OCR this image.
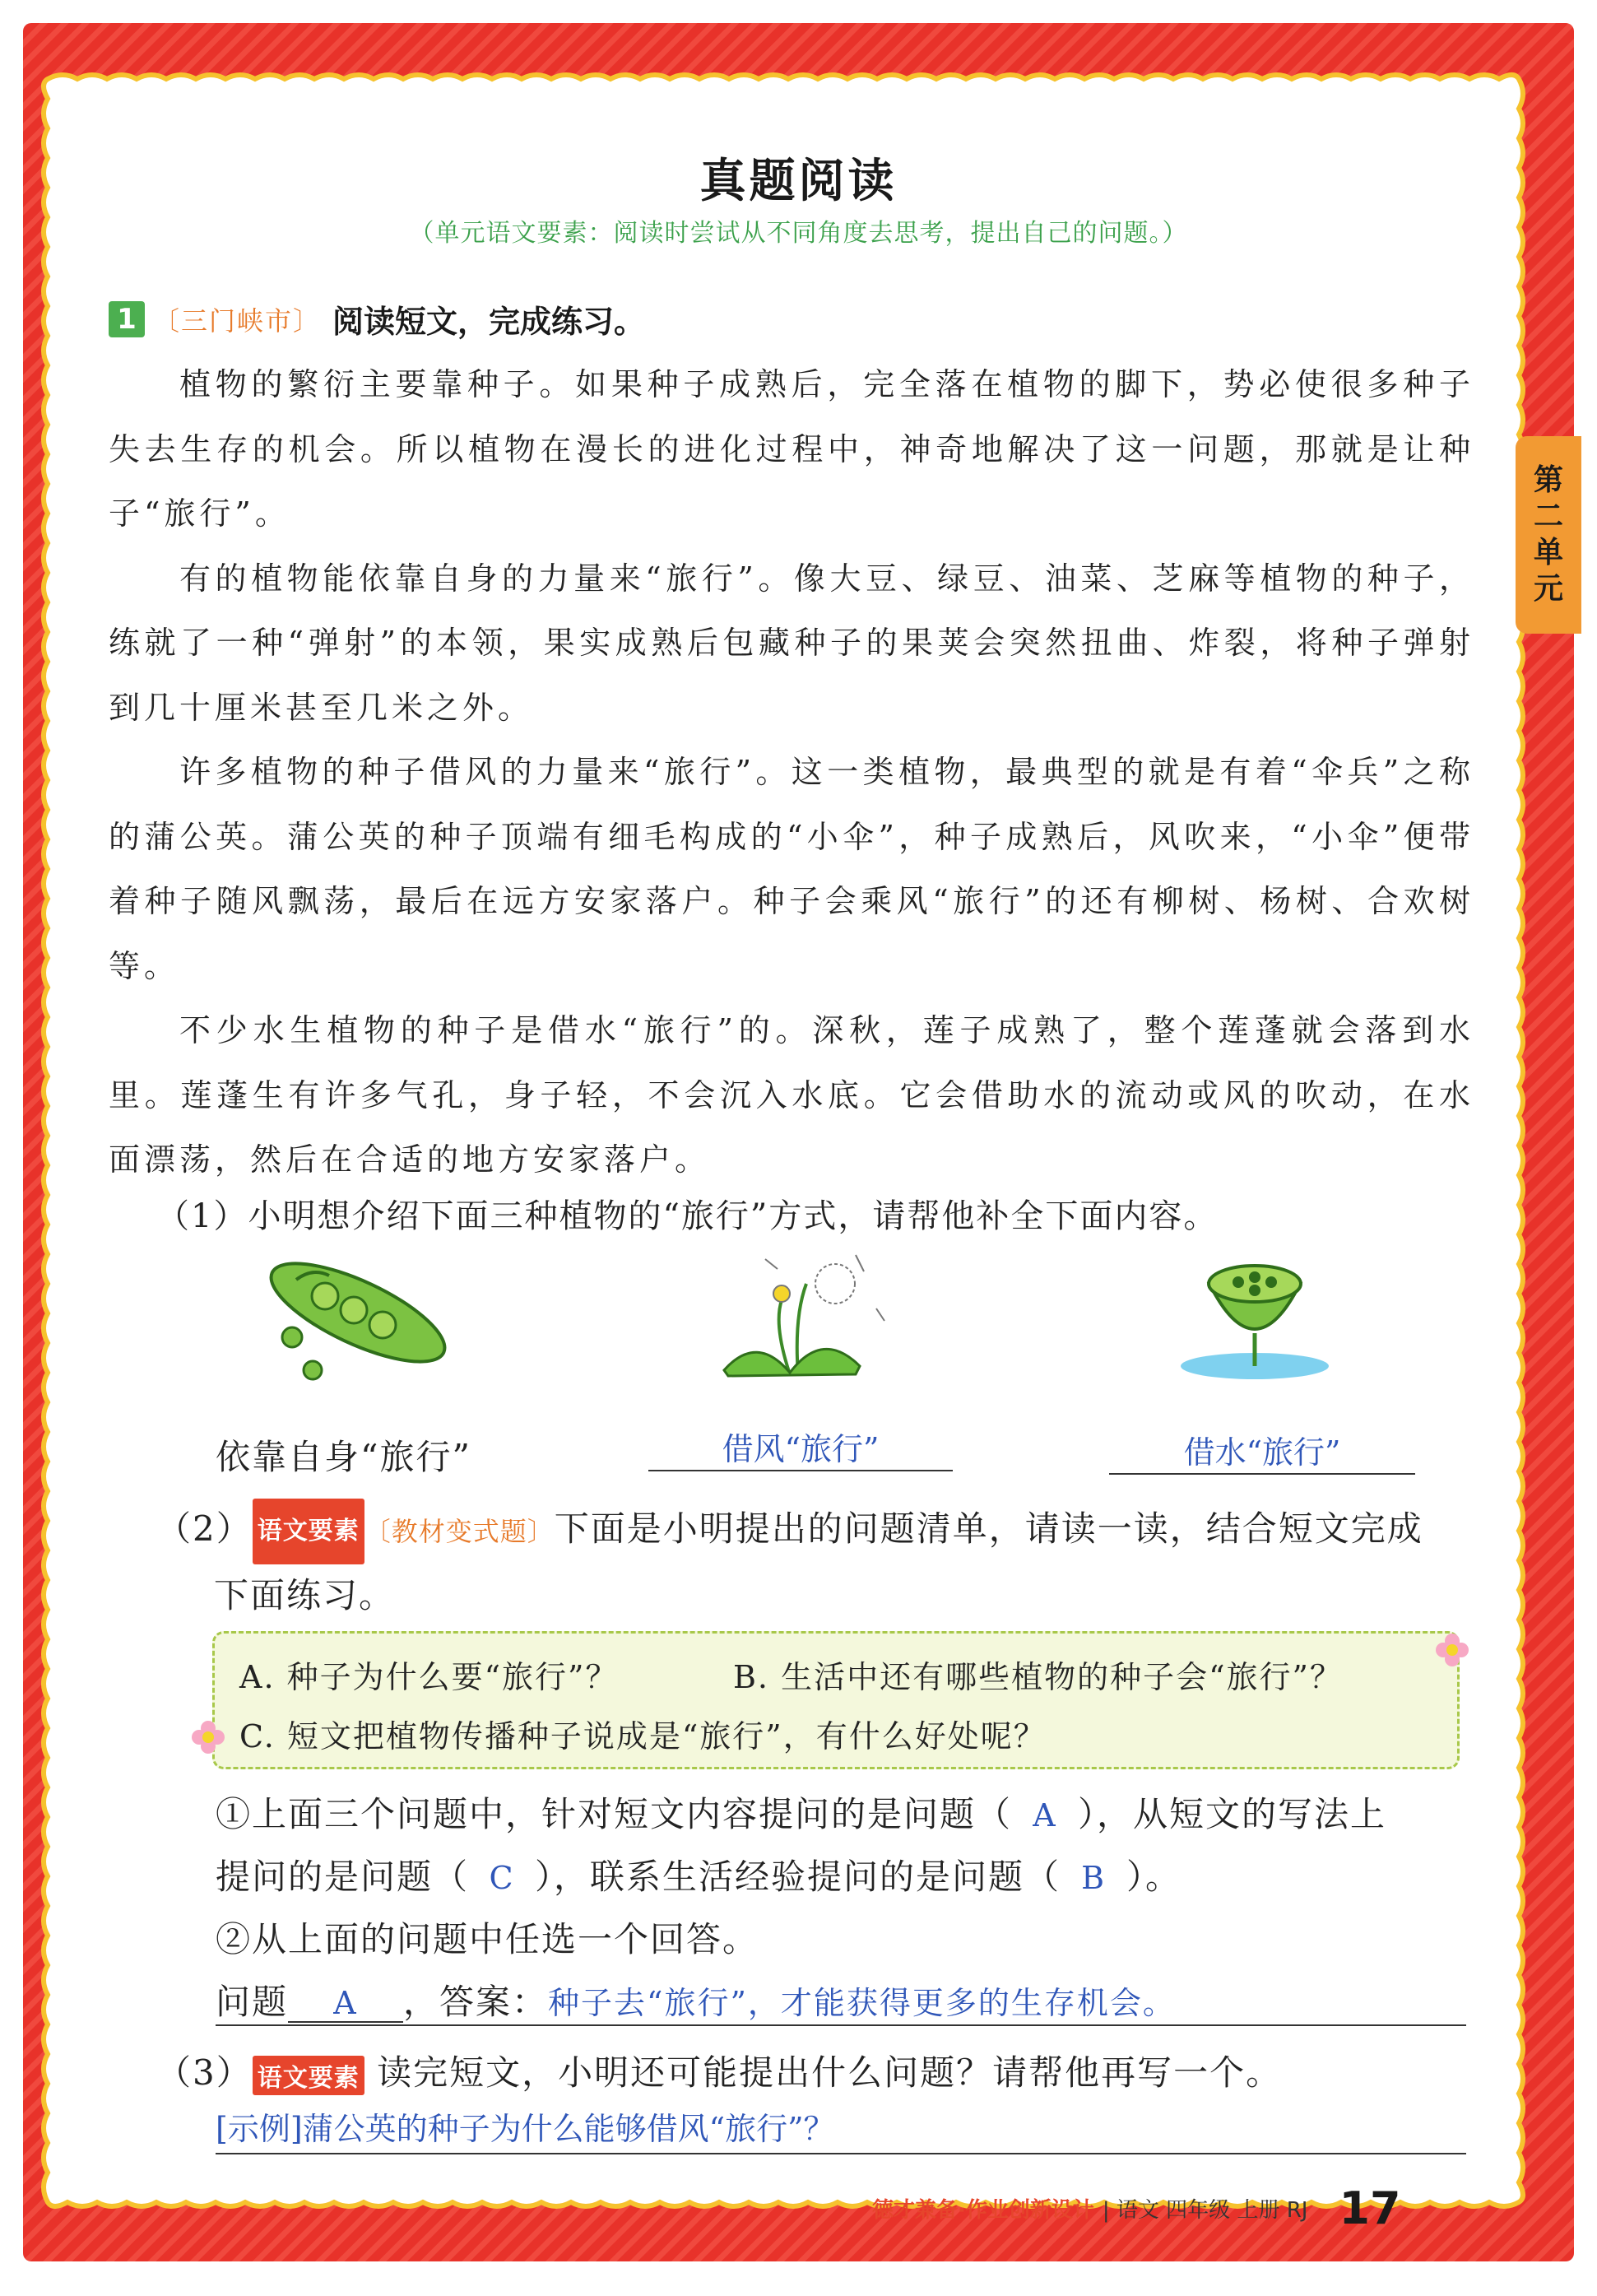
真题阅读
（单元语文要素：阅读时尝试从不同角度去思考，提出自己的问题。）
第
二
单
元
1 〔三门峡市〕 阅读短文，完成练习。

植物的繁衍主要靠种子。如果种子成熟后，完全落在植物的脚下，势必使很多种子失去生存的机会。所以植物在漫长的进化过程中，神奇地解决了这一问题，那就是让种子“旅行”。

有的植物能依靠自身的力量来“旅行”。像大豆、绿豆、油菜、芝麻等植物的种子，练就了一种“弹射”的本领，果实成熟后包藏种子的果荚会突然扭曲、炸裂，将种子弹射到几十厘米甚至几米之外。

许多植物的种子借风的力量来“旅行”。这一类植物，最典型的就是有着“伞兵”之称的蒲公英。蒲公英的种子顶端有细毛构成的“小伞”，种子成熟后，风吹来，“小伞”便带着种子随风飘荡，最后在远方安家落户。种子会乘风“旅行”的还有柳树、杨树、合欢树等。

不少水生植物的种子是借水“旅行”的。深秋，莲子成熟了，整个莲蓬就会落到水里。莲蓬生有许多气孔，身子轻，不会沉入水底。它会借助水的流动或风的吹动，在水面漂荡，然后在合适的地方安家落户。

（1）小明想介绍下面三种植物的“旅行”方式，请帮他补全下面内容。
依靠自身“旅行”	借风“旅行”	借水“旅行”
（2） 语文要素 〔教材变式题〕下面是小明提出的问题清单，请读一读，结合短文完成
下面练习。
A. 种子为什么要“旅行”？	B. 生活中还有哪些植物的种子会“旅行”？
C. 短文把植物传播种子说成是“旅行”，有什么好处呢？
①上面三个问题中，针对短文内容提问的是问题（ A ），从短文的写法上
提问的是问题（ C ），联系生活经验提问的是问题（ B ）。
②从上面的问题中任选一个回答。
问题 A ，答案：种子去“旅行”，才能获得更多的生存机会。
（3） 语文要素 读完短文，小明还可能提出什么问题？请帮他再写一个。
[示例]蒲公英的种子为什么能够借风“旅行”？
德才兼备·作业创新设计 | 语文 四年级 上册 RJ 17
